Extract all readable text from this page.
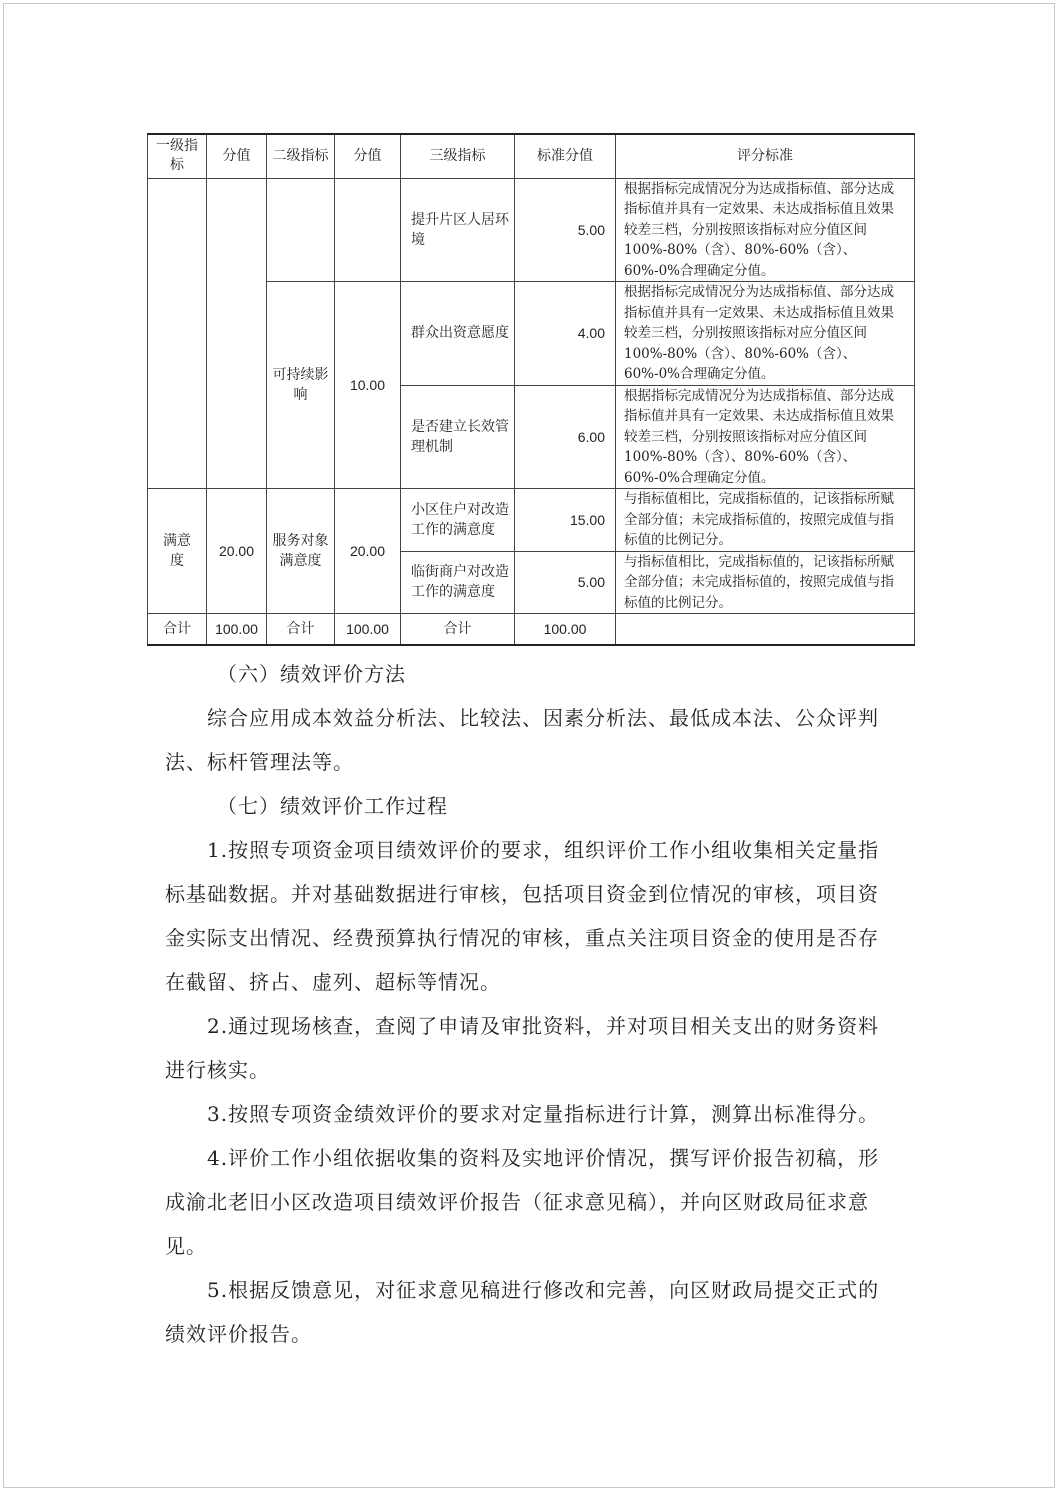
一级指标	分值	二级指标	分值	三级指标	标准分值	评分标准
				提升片区人居环境	5.00	根据指标完成情况分为达成指标值、部分达成指标值并具有一定效果、未达成指标值且效果较差三档，分别按照该指标对应分值区间 100%-80%（含）、80%-60%（含）、60%-0%合理确定分值。
		可持续影响	10.00	群众出资意愿度	4.00	根据指标完成情况分为达成指标值、部分达成指标值并具有一定效果、未达成指标值且效果较差三档，分别按照该指标对应分值区间 100%-80%（含）、80%-60%（含）、60%-0%合理确定分值。
				是否建立长效管理机制	6.00	根据指标完成情况分为达成指标值、部分达成指标值并具有一定效果、未达成指标值且效果较差三档，分别按照该指标对应分值区间 100%-80%（含）、80%-60%（含）、60%-0%合理确定分值。
满意度	20.00	服务对象满意度	20.00	小区住户对改造工作的满意度	15.00	与指标值相比，完成指标值的，记该指标所赋全部分值；未完成指标值的，按照完成值与指标值的比例记分。
				临街商户对改造工作的满意度	5.00	与指标值相比，完成指标值的，记该指标所赋全部分值；未完成指标值的，按照完成值与指标值的比例记分。
合计	100.00	合计	100.00	合计	100.00	

（六）绩效评价方法

综合应用成本效益分析法、比较法、因素分析法、最低成本法、公众评判法、标杆管理法等。

（七）绩效评价工作过程

1.按照专项资金项目绩效评价的要求，组织评价工作小组收集相关定量指标基础数据。并对基础数据进行审核，包括项目资金到位情况的审核，项目资金实际支出情况、经费预算执行情况的审核，重点关注项目资金的使用是否存在截留、挤占、虚列、超标等情况。

2.通过现场核查，查阅了申请及审批资料，并对项目相关支出的财务资料进行核实。

3.按照专项资金绩效评价的要求对定量指标进行计算，测算出标准得分。

4.评价工作小组依据收集的资料及实地评价情况，撰写评价报告初稿，形成渝北老旧小区改造项目绩效评价报告（征求意见稿），并向区财政局征求意见。

5.根据反馈意见，对征求意见稿进行修改和完善，向区财政局提交正式的绩效评价报告。
